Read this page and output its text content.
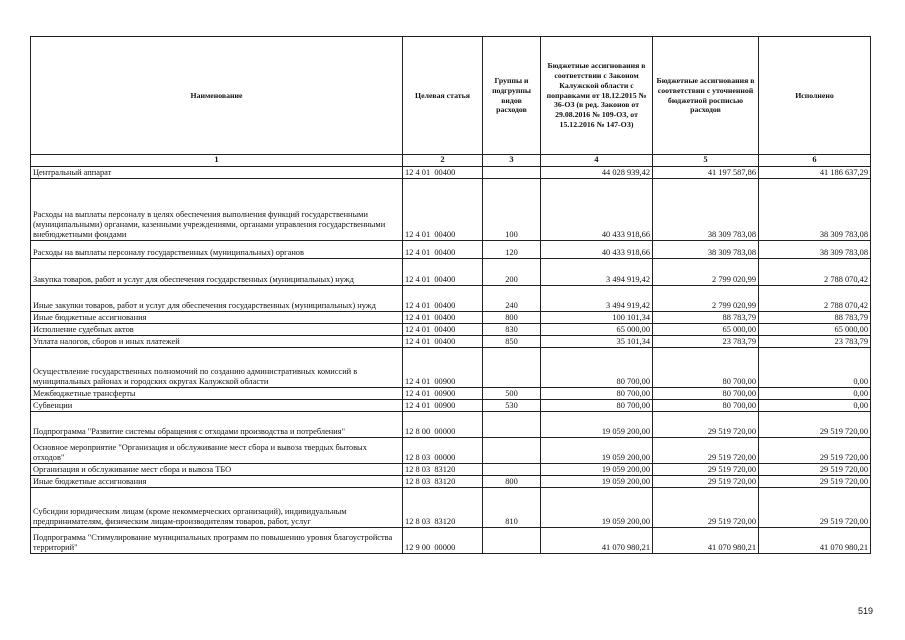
Наименование	Целевая статья	Группы и подгруппы видов расходов	Бюджетные ассигнования в соответствии с Законом Калужской области с поправками от 18.12.2015 № 36-ОЗ (в ред. Законов от 29.08.2016 № 109-ОЗ, от 15.12.2016 № 147-ОЗ)	Бюджетные ассигнования в соответствии с уточненной бюджетной росписью расходов	Исполнено
1	2	3	4	5	6
Центральный аппарат	12 4 01  00400		44 028 939,42	41 197 587,86	41 186 637,29
Расходы на выплаты персоналу в целях обеспечения выполнения функций государственными (муниципальными) органами, казенными учреждениями, органами управления государственными внебюджетными фондами	12 4 01  00400	100	40 433 918,66	38 309 783,08	38 309 783,08
Расходы на выплаты персоналу государственных (муниципальных) органов	12 4 01  00400	120	40 433 918,66	38 309 783,08	38 309 783,08
Закупка товаров, работ и услуг для обеспечения государственных (муниципальных) нужд	12 4 01  00400	200	3 494 919,42	2 799 020,99	2 788 070,42
Иные закупки товаров, работ и услуг для обеспечения государственных (муниципальных) нужд	12 4 01  00400	240	3 494 919,42	2 799 020,99	2 788 070,42
Иные бюджетные ассигнования	12 4 01  00400	800	100 101,34	88 783,79	88 783,79
Исполнение судебных актов	12 4 01  00400	830	65 000,00	65 000,00	65 000,00
Уплата налогов, сборов и иных платежей	12 4 01  00400	850	35 101,34	23 783,79	23 783,79
Осуществление государственных полномочий по созданию административных комиссий в муниципальных районах и городских округах Калужской области	12 4 01  00900		80 700,00	80 700,00	0,00
Межбюджетные трансферты	12 4 01  00900	500	80 700,00	80 700,00	0,00
Субвенции	12 4 01  00900	530	80 700,00	80 700,00	0,00
Подпрограмма "Развитие системы обращения с отходами производства и потребления"	12 8 00  00000		19 059 200,00	29 519 720,00	29 519 720,00
Основное мероприятие "Организация и обслуживание мест сбора и вывоза твердых бытовых отходов"	12 8 03  00000		19 059 200,00	29 519 720,00	29 519 720,00
Организация и обслуживание мест сбора и вывоза ТБО	12 8 03  83120		19 059 200,00	29 519 720,00	29 519 720,00
Иные бюджетные ассигнования	12 8 03  83120	800	19 059 200,00	29 519 720,00	29 519 720,00
Субсидии юридическим лицам (кроме некоммерческих организаций), индивидуальным предпринимателям, физическим лицам-производителям товаров, работ, услуг	12 8 03  83120	810	19 059 200,00	29 519 720,00	29 519 720,00
Подпрограмма "Стимулирование муниципальных программ по повышению уровня благоустройства территорий"	12 9 00  00000		41 070 980,21	41 070 980,21	41 070 980,21
519
